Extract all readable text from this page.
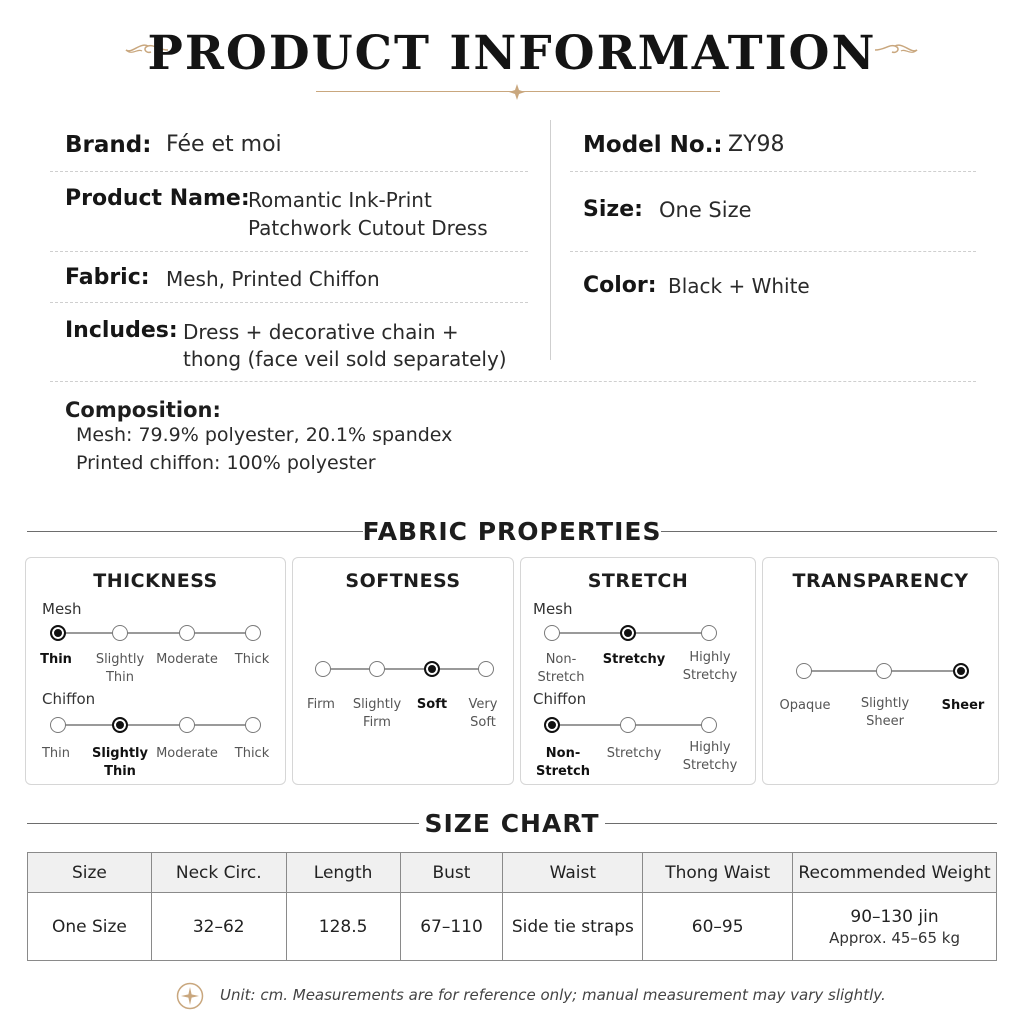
PRODUCT INFORMATION
Brand: Fée et moi
Product Name:
Romantic Ink-Print
Patchwork Cutout Dress
Fabric: Mesh, Printed Chiffon
Includes: Dress + decorative chain +
thong (face veil sold separately)
Model No.: ZY98
Size: One Size
Color: Black + White
Composition:
Mesh: 79.9% polyester, 20.1% spandex
Printed chiffon: 100% polyester
FABRIC PROPERTIES
THICKNESS
Mesh
Thin	Slightly Thin
Moderate	Thick
Chiffon
Thin	Slightly Thin
Moderate	Thick
SOFTNESS
Firm	Slightly Firm
Soft	Very Soft
STRETCH
Mesh
Non-Stretch
Stretchy	Highly Stretchy
Chiffon
Non-Stretch
Stretchy	Highly Stretchy
TRANSPARENCY
Opaque	Slightly Sheer
Sheer
SIZE CHART
Size	Neck Circ.	Length	Bust	Waist	Thong Waist	Recommended Weight
One Size	32–62	128.5	67–110	Side tie straps	60–95	90–130 jin
Approx. 45–65 kg
Unit: cm. Measurements are for reference only; manual measurement may vary slightly.
